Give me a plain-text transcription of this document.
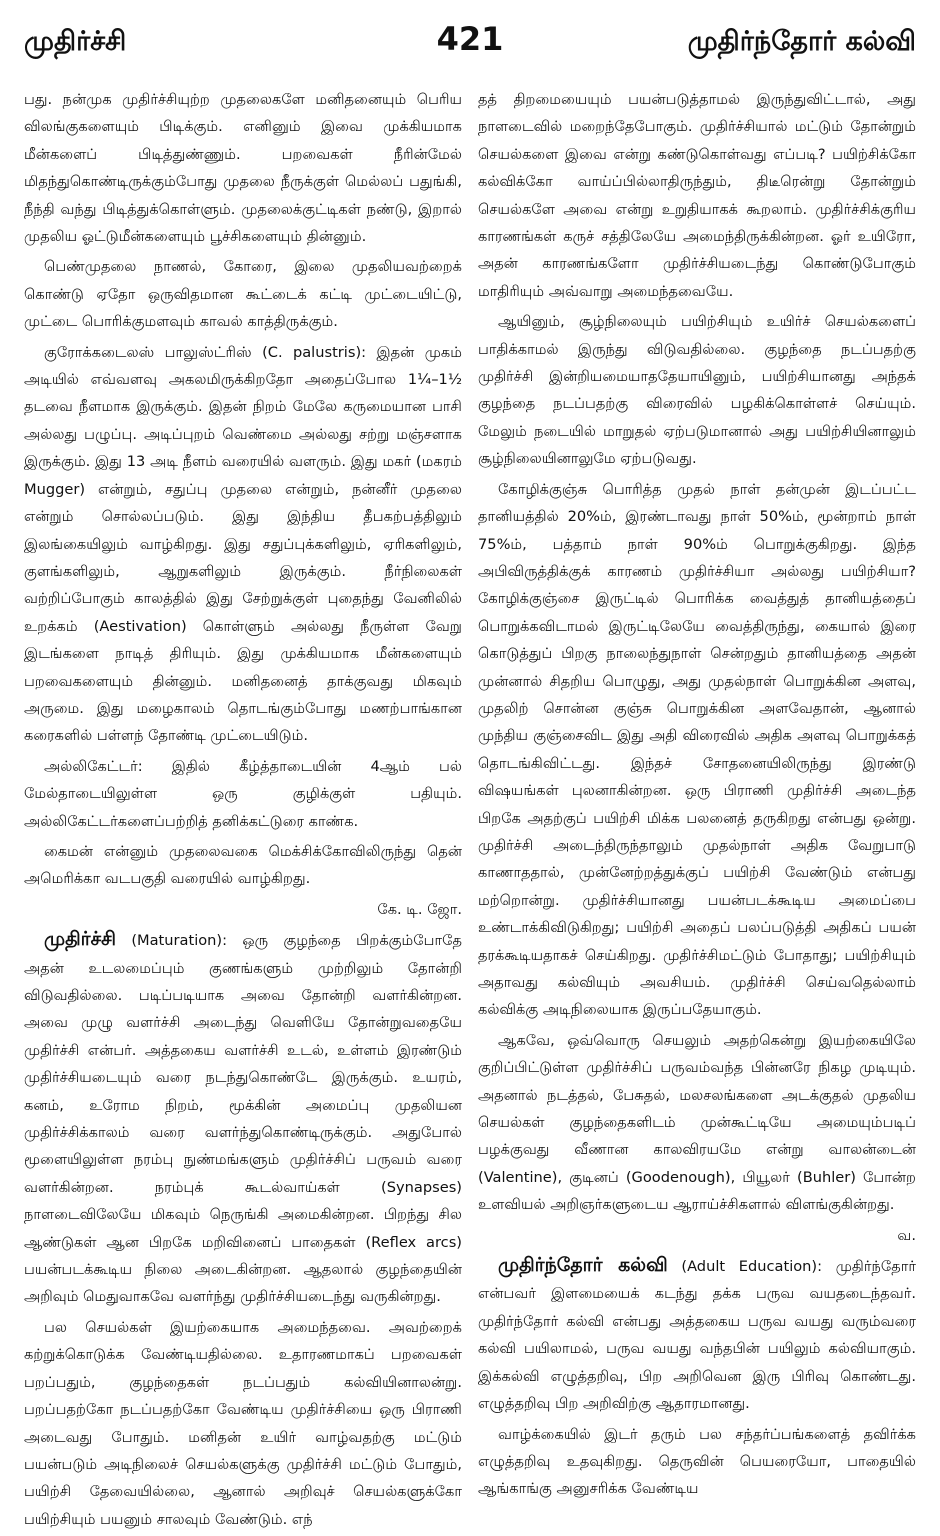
முதிர்ச்சி	421	முதிர்ந்தோர் கல்வி

பது. நன்முக முதிர்ச்சியுற்ற முதலைகளே மனிதனையும் பெரிய விலங்குகளையும் பிடிக்கும். எனினும் இவை முக்கியமாக மீன்களைப் பிடித்துண்ணும். பறவைகள் நீரின்மேல் மிதந்துகொண்டிருக்கும்போது முதலை நீருக்குள் மெல்லப் பதுங்கி, நீந்தி வந்து பிடித்துக்கொள்ளும். முதலைக்குட்டிகள் நண்டு, இறால் முதலிய ஓட்டுமீன்களையும் பூச்சிகளையும் தின்னும்.

பெண்முதலை நாணல், கோரை, இலை முதலியவற்றைக் கொண்டு ஏதோ ஒருவிதமான கூட்டைக் கட்டி முட்டையிட்டு, முட்டை பொரிக்குமளவும் காவல் காத்திருக்கும்.

குரோக்கடைலஸ் பாலுஸ்ட்ரிஸ் (C. palustris): இதன் முகம் அடியில் எவ்வளவு அகலமிருக்கிறதோ அதைப்போல 1¼–1½ தடவை நீளமாக இருக்கும். இதன் நிறம் மேலே கருமையான பாசி அல்லது பழுப்பு. அடிப்புறம் வெண்மை அல்லது சற்று மஞ்சளாக இருக்கும். இது 13 அடி நீளம் வரையில் வளரும். இது மகர் (மகரம் Mugger) என்றும், சதுப்பு முதலை என்றும், நன்னீர் முதலை என்றும் சொல்லப்படும். இது இந்திய தீபகற்பத்திலும் இலங்கையிலும் வாழ்கிறது. இது சதுப்புக்களிலும், ஏரிகளிலும், குளங்களிலும், ஆறுகளிலும் இருக்கும். நீர்நிலைகள் வற்றிப்போகும் காலத்தில் இது சேற்றுக்குள் புதைந்து வேனிலில் உறக்கம் (Aestivation) கொள்ளும் அல்லது நீருள்ள வேறு இடங்களை நாடித் திரியும். இது முக்கியமாக மீன்களையும் பறவைகளையும் தின்னும். மனிதனைத் தாக்குவது மிகவும் அருமை. இது மழைகாலம் தொடங்கும்போது மணற்பாங்கான கரைகளில் பள்ளந் தோண்டி முட்டையிடும்.

அல்லிகேட்டர்: இதில் கீழ்த்தாடையின் 4ஆம் பல் மேல்தாடையிலுள்ள ஒரு குழிக்குள் பதியும். அல்லிகேட்டர்களைப்பற்றித் தனிக்கட்டுரை காண்க.

கைமன் என்னும் முதலைவகை மெக்சிக்கோவிலிருந்து தென் அமெரிக்கா வடபகுதி வரையில் வாழ்கிறது.

கே. டி. ஜோ.

முதிர்ச்சி (Maturation): ஒரு குழந்தை பிறக்கும்போதே அதன் உடலமைப்பும் குணங்களும் முற்றிலும் தோன்றி விடுவதில்லை. படிப்படியாக அவை தோன்றி வளர்கின்றன. அவை முழு வளர்ச்சி அடைந்து வெளியே தோன்றுவதையே முதிர்ச்சி என்பர். அத்தகைய வளர்ச்சி உடல், உள்ளம் இரண்டும் முதிர்ச்சியடையும் வரை நடந்துகொண்டே இருக்கும். உயரம், கனம், உரோம நிறம், மூக்கின் அமைப்பு முதலியன முதிர்ச்சிக்காலம் வரை வளர்ந்துகொண்டிருக்கும். அதுபோல் மூளையிலுள்ள நரம்பு நுண்மங்களும் முதிர்ச்சிப் பருவம் வரை வளர்கின்றன. நரம்புக் கூடல்வாய்கள் (Synapses) நாளடைவிலேயே மிகவும் நெருங்கி அமைகின்றன. பிறந்து சில ஆண்டுகள் ஆன பிறகே மறிவினைப் பாதைகள் (Reflex arcs) பயன்படக்கூடிய நிலை அடைகின்றன. ஆதலால் குழந்தையின் அறிவும் மெதுவாகவே வளர்ந்து முதிர்ச்சியடைந்து வருகின்றது.

பல செயல்கள் இயற்கையாக அமைந்தவை. அவற்றைக் கற்றுக்கொடுக்க வேண்டியதில்லை. உதாரணமாகப் பறவைகள் பறப்பதும், குழந்தைகள் நடப்பதும் கல்வியினாலன்று. பறப்பதற்கோ நடப்பதற்கோ வேண்டிய முதிர்ச்சியை ஒரு பிராணி அடைவது போதும். மனிதன் உயிர் வாழ்வதற்கு மட்டும் பயன்படும் அடிநிலைச் செயல்களுக்கு முதிர்ச்சி மட்டும் போதும், பயிற்சி தேவையில்லை, ஆனால் அறிவுச் செயல்களுக்கோ பயிற்சியும் பயனும் சாலவும் வேண்டும். எந்

தத் திறமையையும் பயன்படுத்தாமல் இருந்துவிட்டால், அது நாளடைவில் மறைந்தேபோகும். முதிர்ச்சியால் மட்டும் தோன்றும் செயல்களை இவை என்று கண்டுகொள்வது எப்படி? பயிற்சிக்கோ கல்விக்கோ வாய்ப்பில்லாதிருந்தும், திடீரென்று தோன்றும் செயல்களே அவை என்று உறுதியாகக் கூறலாம். முதிர்ச்சிக்குரிய காரணங்கள் கருச் சத்திலேயே அமைந்திருக்கின்றன. ஓர் உயிரோ, அதன் காரணங்களோ முதிர்ச்சியடைந்து கொண்டுபோகும் மாதிரியும் அவ்வாறு அமைந்தவையே.

ஆயினும், சூழ்நிலையும் பயிற்சியும் உயிர்ச் செயல்களைப் பாதிக்காமல் இருந்து விடுவதில்லை. குழந்தை நடப்பதற்கு முதிர்ச்சி இன்றியமையாததேயாயினும், பயிற்சியானது அந்தக் குழந்தை நடப்பதற்கு விரைவில் பழகிக்கொள்ளச் செய்யும். மேலும் நடையில் மாறுதல் ஏற்படுமானால் அது பயிற்சியினாலும் சூழ்நிலையினாலுமே ஏற்படுவது.

கோழிக்குஞ்சு பொரித்த முதல் நாள் தன்முன் இடப்பட்ட தானியத்தில் 20%ம், இரண்டாவது நாள் 50%ம், மூன்றாம் நாள் 75%ம், பத்தாம் நாள் 90%ம் பொறுக்குகிறது. இந்த அபிவிருத்திக்குக் காரணம் முதிர்ச்சியா அல்லது பயிற்சியா? கோழிக்குஞ்சை இருட்டில் பொரிக்க வைத்துத் தானியத்தைப் பொறுக்கவிடாமல் இருட்டிலேயே வைத்திருந்து, கையால் இரை கொடுத்துப் பிறகு நாலைந்துநாள் சென்றதும் தானியத்தை அதன் முன்னால் சிதறிய பொழுது, அது முதல்நாள் பொறுக்கின அளவு, முதலிற் சொன்ன குஞ்சு பொறுக்கின அளவேதான், ஆனால் முந்திய குஞ்சைவிட இது அதி விரைவில் அதிக அளவு பொறுக்கத் தொடங்கிவிட்டது. இந்தச் சோதனையிலிருந்து இரண்டு விஷயங்கள் புலனாகின்றன. ஒரு பிராணி முதிர்ச்சி அடைந்த பிறகே அதற்குப் பயிற்சி மிக்க பலனைத் தருகிறது என்பது ஒன்று. முதிர்ச்சி அடைந்திருந்தாலும் முதல்நாள் அதிக வேறுபாடு காணாததால், முன்னேற்றத்துக்குப் பயிற்சி வேண்டும் என்பது மற்றொன்று. முதிர்ச்சியானது பயன்படக்கூடிய அமைப்பை உண்டாக்கிவிடுகிறது; பயிற்சி அதைப் பலப்படுத்தி அதிகப் பயன் தரக்கூடியதாகச் செய்கிறது. முதிர்ச்சிமட்டும் போதாது; பயிற்சியும் அதாவது கல்வியும் அவசியம். முதிர்ச்சி செய்வதெல்லாம் கல்விக்கு அடிநிலையாக இருப்பதேயாகும்.

ஆகவே, ஒவ்வொரு செயலும் அதற்கென்று இயற்கையிலே குறிப்பிட்டுள்ள முதிர்ச்சிப் பருவம்வந்த பின்னரே நிகழ முடியும். அதனால் நடத்தல், பேசுதல், மலசலங்களை அடக்குதல் முதலிய செயல்கள் குழந்தைகளிடம் முன்கூட்டியே அமையும்படிப் பழக்குவது வீணான காலவிரயமே என்று வாலன்டைன் (Valentine), குடினப் (Goodenough), பியூலர் (Buhler) போன்ற உளவியல் அறிஞர்களுடைய ஆராய்ச்சிகளால் விளங்குகின்றது.

வ.

முதிர்ந்தோர் கல்வி (Adult Education): முதிர்ந்தோர் என்பவர் இளமையைக் கடந்து தக்க பருவ வயதடைந்தவர். முதிர்ந்தோர் கல்வி என்பது அத்தகைய பருவ வயது வரும்வரை கல்வி பயிலாமல், பருவ வயது வந்தபின் பயிலும் கல்வியாகும். இக்கல்வி எழுத்தறிவு, பிற அறிவென இரு பிரிவு கொண்டது. எழுத்தறிவு பிற அறிவிற்கு ஆதாரமானது.

வாழ்க்கையில் இடர் தரும் பல சந்தர்ப்பங்களைத் தவிர்க்க எழுத்தறிவு உதவுகிறது. தெருவின் பெயரையோ, பாதையில் ஆங்காங்கு அனுசரிக்க வேண்டிய
